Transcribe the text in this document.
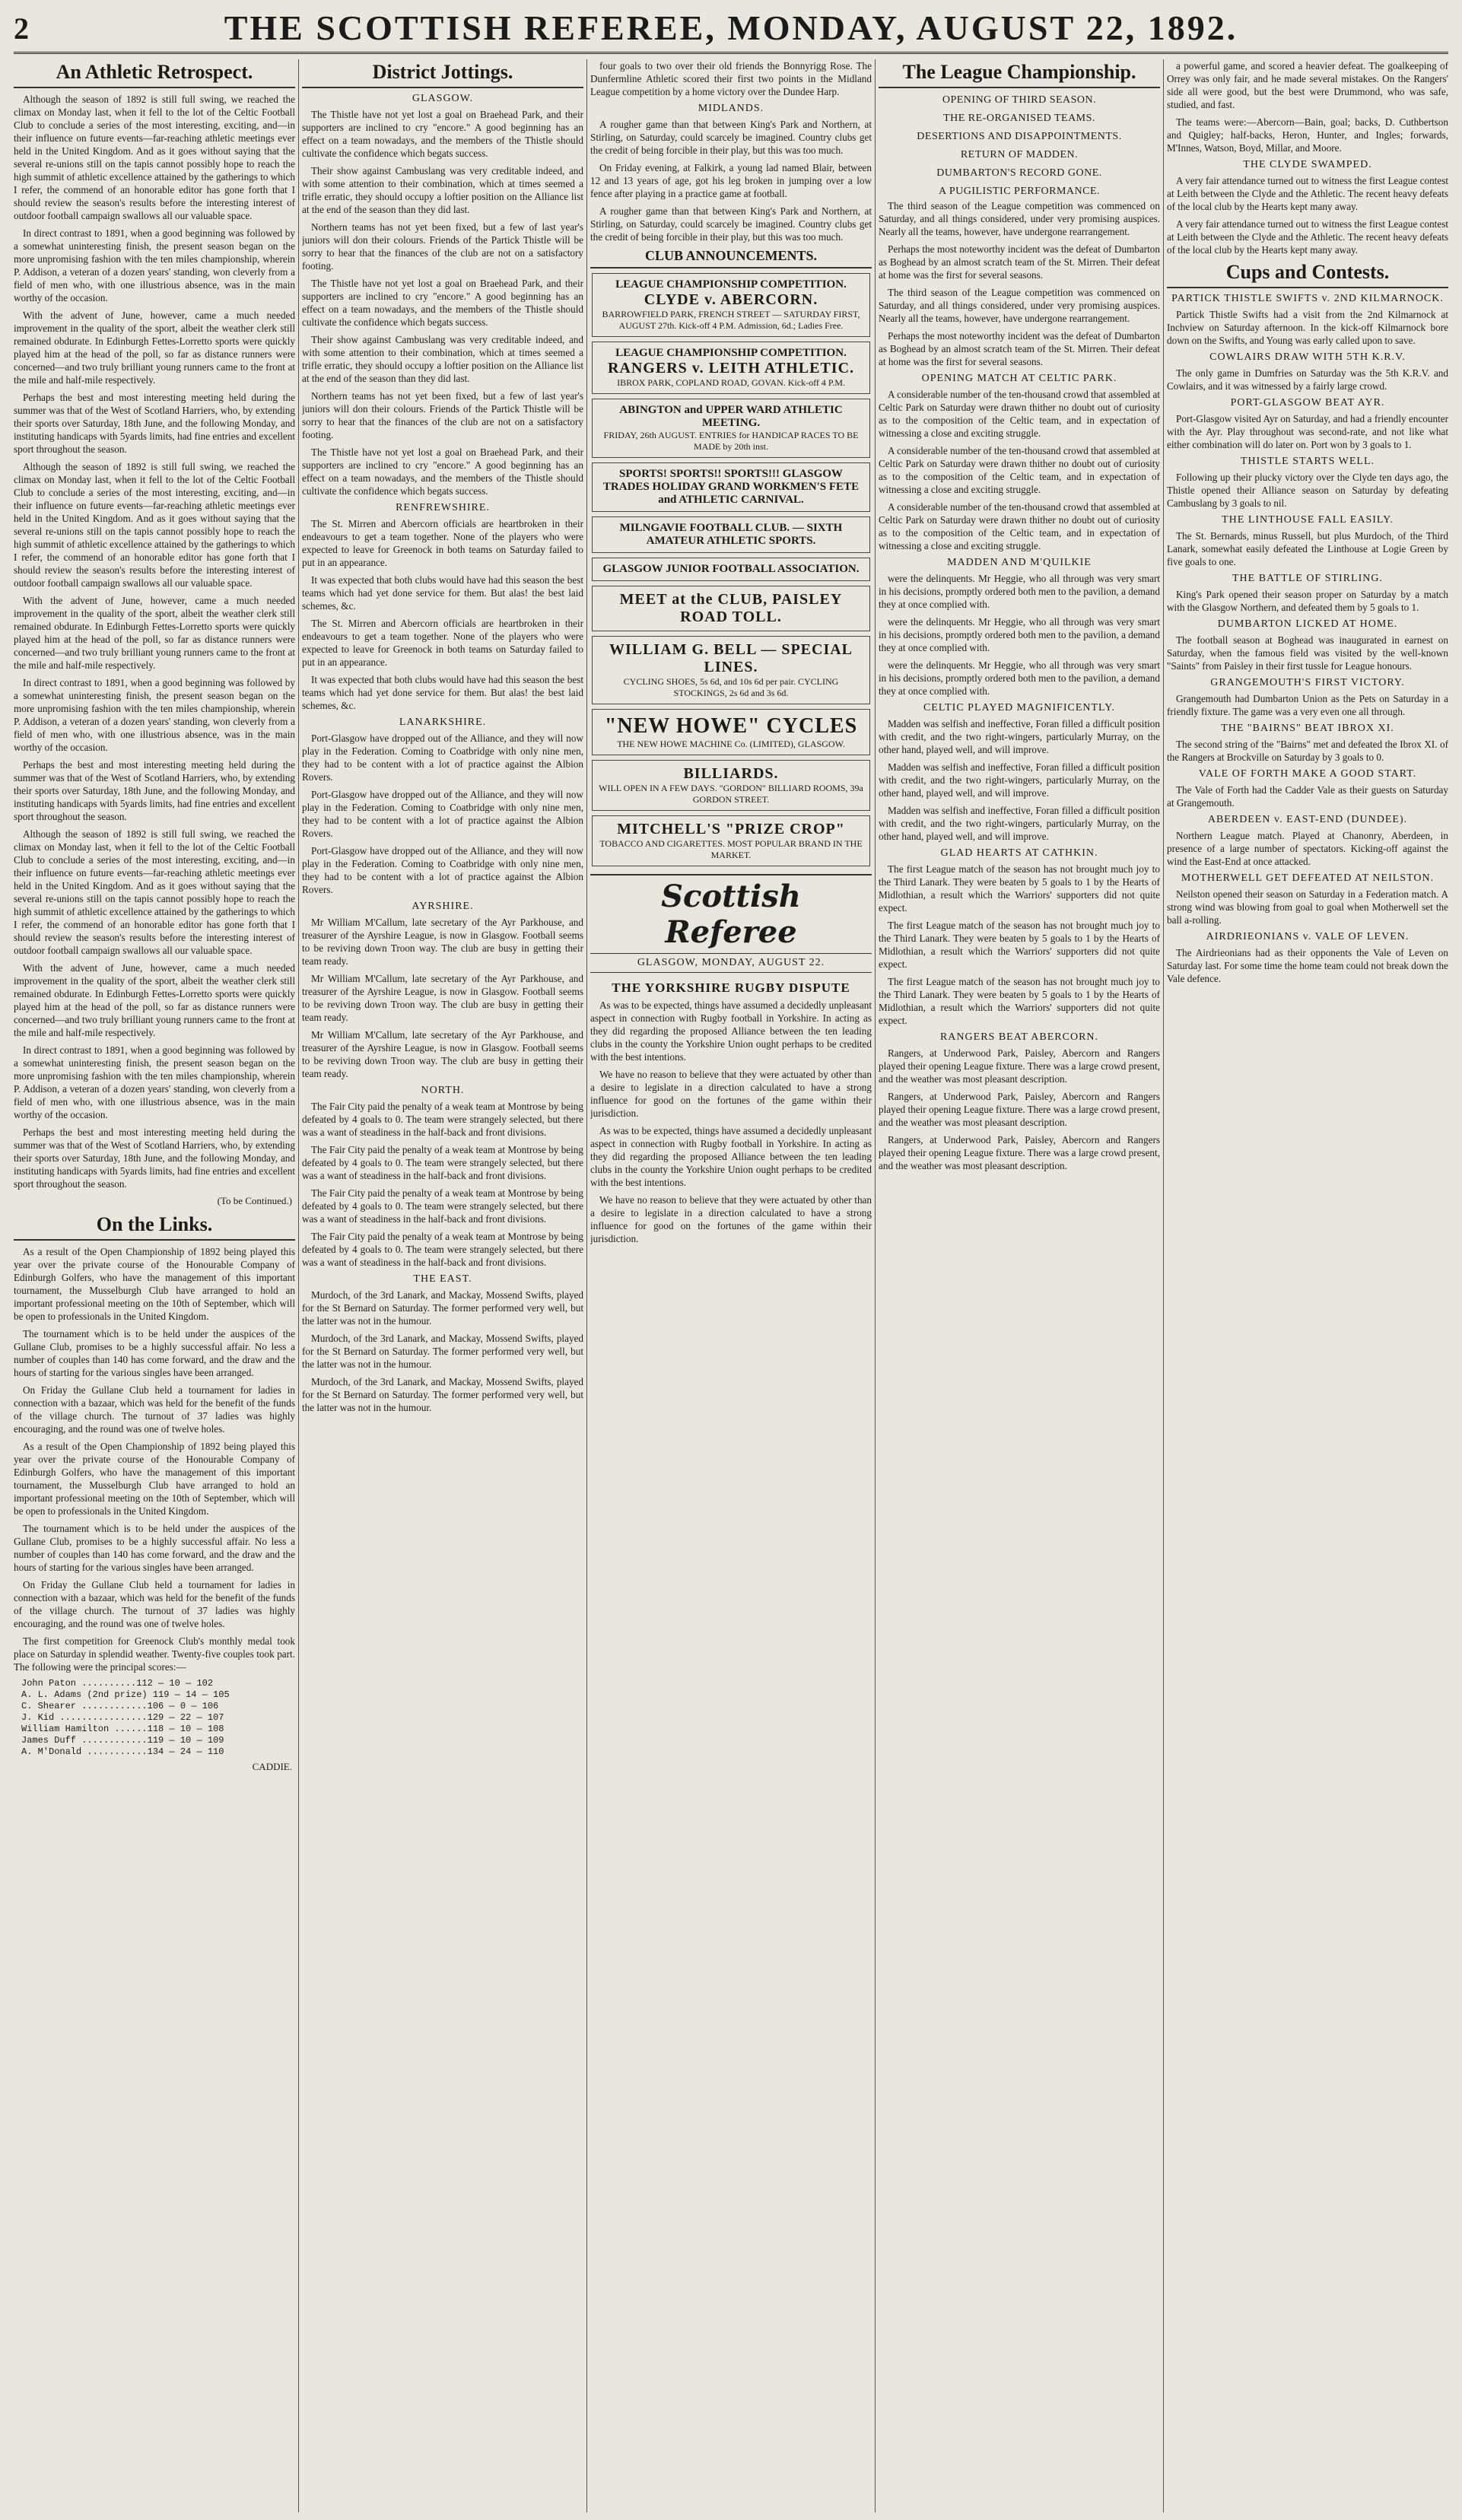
2	THE SCOTTISH REFEREE, MONDAY, AUGUST 22, 1892.
An Athletic Retrospect.

Although the season of 1892 is still full swing, we reached the climax on Monday last, when it fell to the lot of the Celtic Football Club to conclude a series of the most interesting, exciting, and—in their influence on future events—far-reaching athletic meetings ever held in the United Kingdom. And as it goes without saying that the several re-unions still on the tapis cannot possibly hope to reach the high summit of athletic excellence attained by the gatherings to which I refer, the commend of an honorable editor has gone forth that I should review the season's results before the interesting interest of outdoor football campaign swallows all our valuable space.

In direct contrast to 1891, when a good beginning was followed by a somewhat uninteresting finish, the present season began on the more unpromising fashion with the ten miles championship, wherein P. Addison, a veteran of a dozen years' standing, won cleverly from a field of men who, with one illustrious absence, was in the main worthy of the occasion.

With the advent of June, however, came a much needed improvement in the quality of the sport, albeit the weather clerk still remained obdurate. In Edinburgh Fettes-Lorretto sports were quickly played him at the head of the poll, so far as distance runners were concerned—and two truly brilliant young runners came to the front at the mile and half-mile respectively.

Perhaps the best and most interesting meeting held during the summer was that of the West of Scotland Harriers, who, by extending their sports over Saturday, 18th June, and the following Monday, and instituting handicaps with 5yards limits, had fine entries and excellent sport throughout the season.

Although the season of 1892 is still full swing, we reached the climax on Monday last, when it fell to the lot of the Celtic Football Club to conclude a series of the most interesting, exciting, and—in their influence on future events—far-reaching athletic meetings ever held in the United Kingdom. And as it goes without saying that the several re-unions still on the tapis cannot possibly hope to reach the high summit of athletic excellence attained by the gatherings to which I refer, the commend of an honorable editor has gone forth that I should review the season's results before the interesting interest of outdoor football campaign swallows all our valuable space.

With the advent of June, however, came a much needed improvement in the quality of the sport, albeit the weather clerk still remained obdurate. In Edinburgh Fettes-Lorretto sports were quickly played him at the head of the poll, so far as distance runners were concerned—and two truly brilliant young runners came to the front at the mile and half-mile respectively.

In direct contrast to 1891, when a good beginning was followed by a somewhat uninteresting finish, the present season began on the more unpromising fashion with the ten miles championship, wherein P. Addison, a veteran of a dozen years' standing, won cleverly from a field of men who, with one illustrious absence, was in the main worthy of the occasion.

Perhaps the best and most interesting meeting held during the summer was that of the West of Scotland Harriers, who, by extending their sports over Saturday, 18th June, and the following Monday, and instituting handicaps with 5yards limits, had fine entries and excellent sport throughout the season.

Although the season of 1892 is still full swing, we reached the climax on Monday last, when it fell to the lot of the Celtic Football Club to conclude a series of the most interesting, exciting, and—in their influence on future events—far-reaching athletic meetings ever held in the United Kingdom. And as it goes without saying that the several re-unions still on the tapis cannot possibly hope to reach the high summit of athletic excellence attained by the gatherings to which I refer, the commend of an honorable editor has gone forth that I should review the season's results before the interesting interest of outdoor football campaign swallows all our valuable space.

With the advent of June, however, came a much needed improvement in the quality of the sport, albeit the weather clerk still remained obdurate. In Edinburgh Fettes-Lorretto sports were quickly played him at the head of the poll, so far as distance runners were concerned—and two truly brilliant young runners came to the front at the mile and half-mile respectively.

In direct contrast to 1891, when a good beginning was followed by a somewhat uninteresting finish, the present season began on the more unpromising fashion with the ten miles championship, wherein P. Addison, a veteran of a dozen years' standing, won cleverly from a field of men who, with one illustrious absence, was in the main worthy of the occasion.

Perhaps the best and most interesting meeting held during the summer was that of the West of Scotland Harriers, who, by extending their sports over Saturday, 18th June, and the following Monday, and instituting handicaps with 5yards limits, had fine entries and excellent sport throughout the season.

(To be Continued.)
On the Links.

As a result of the Open Championship of 1892 being played this year over the private course of the Honourable Company of Edinburgh Golfers, who have the management of this important tournament, the Musselburgh Club have arranged to hold an important professional meeting on the 10th of September, which will be open to professionals in the United Kingdom.

The tournament which is to be held under the auspices of the Gullane Club, promises to be a highly successful affair. No less a number of couples than 140 has come forward, and the draw and the hours of starting for the various singles have been arranged.

On Friday the Gullane Club held a tournament for ladies in connection with a bazaar, which was held for the benefit of the funds of the village church. The turnout of 37 ladies was highly encouraging, and the round was one of twelve holes.

As a result of the Open Championship of 1892 being played this year over the private course of the Honourable Company of Edinburgh Golfers, who have the management of this important tournament, the Musselburgh Club have arranged to hold an important professional meeting on the 10th of September, which will be open to professionals in the United Kingdom.

The tournament which is to be held under the auspices of the Gullane Club, promises to be a highly successful affair. No less a number of couples than 140 has come forward, and the draw and the hours of starting for the various singles have been arranged.

On Friday the Gullane Club held a tournament for ladies in connection with a bazaar, which was held for the benefit of the funds of the village church. The turnout of 37 ladies was highly encouraging, and the round was one of twelve holes.

The first competition for Greenock Club's monthly medal took place on Saturday in splendid weather. Twenty-five couples took part. The following were the principal scores:—

John Paton ..........112 — 10 — 102
A. L. Adams (2nd prize) 119 — 14 — 105
C. Shearer ............106 — 0 — 106
J. Kid ................129 — 22 — 107
William Hamilton ......118 — 10 — 108
James Duff ............119 — 10 — 109
A. M'Donald ...........134 — 24 — 110
CADDIE.
District Jottings.
GLASGOW.

The Thistle have not yet lost a goal on Braehead Park, and their supporters are inclined to cry "encore." A good beginning has an effect on a team nowadays, and the members of the Thistle should cultivate the confidence which begats success.

Their show against Cambuslang was very creditable indeed, and with some attention to their combination, which at times seemed a trifle erratic, they should occupy a loftier position on the Alliance list at the end of the season than they did last.

Northern teams has not yet been fixed, but a few of last year's juniors will don their colours. Friends of the Partick Thistle will be sorry to hear that the finances of the club are not on a satisfactory footing.

The Thistle have not yet lost a goal on Braehead Park, and their supporters are inclined to cry "encore." A good beginning has an effect on a team nowadays, and the members of the Thistle should cultivate the confidence which begats success.

Their show against Cambuslang was very creditable indeed, and with some attention to their combination, which at times seemed a trifle erratic, they should occupy a loftier position on the Alliance list at the end of the season than they did last.

Northern teams has not yet been fixed, but a few of last year's juniors will don their colours. Friends of the Partick Thistle will be sorry to hear that the finances of the club are not on a satisfactory footing.

The Thistle have not yet lost a goal on Braehead Park, and their supporters are inclined to cry "encore." A good beginning has an effect on a team nowadays, and the members of the Thistle should cultivate the confidence which begats success.

RENFREWSHIRE.

The St. Mirren and Abercorn officials are heartbroken in their endeavours to get a team together. None of the players who were expected to leave for Greenock in both teams on Saturday failed to put in an appearance.

It was expected that both clubs would have had this season the best teams which had yet done service for them. But alas! the best laid schemes, &c.

The St. Mirren and Abercorn officials are heartbroken in their endeavours to get a team together. None of the players who were expected to leave for Greenock in both teams on Saturday failed to put in an appearance.

It was expected that both clubs would have had this season the best teams which had yet done service for them. But alas! the best laid schemes, &c.

LANARKSHIRE.

Port-Glasgow have dropped out of the Alliance, and they will now play in the Federation. Coming to Coatbridge with only nine men, they had to be content with a lot of practice against the Albion Rovers.

Port-Glasgow have dropped out of the Alliance, and they will now play in the Federation. Coming to Coatbridge with only nine men, they had to be content with a lot of practice against the Albion Rovers.

Port-Glasgow have dropped out of the Alliance, and they will now play in the Federation. Coming to Coatbridge with only nine men, they had to be content with a lot of practice against the Albion Rovers.

AYRSHIRE.

Mr William M'Callum, late secretary of the Ayr Parkhouse, and treasurer of the Ayrshire League, is now in Glasgow. Football seems to be reviving down Troon way. The club are busy in getting their team ready.

Mr William M'Callum, late secretary of the Ayr Parkhouse, and treasurer of the Ayrshire League, is now in Glasgow. Football seems to be reviving down Troon way. The club are busy in getting their team ready.

Mr William M'Callum, late secretary of the Ayr Parkhouse, and treasurer of the Ayrshire League, is now in Glasgow. Football seems to be reviving down Troon way. The club are busy in getting their team ready.

NORTH.

The Fair City paid the penalty of a weak team at Montrose by being defeated by 4 goals to 0. The team were strangely selected, but there was a want of steadiness in the half-back and front divisions.

The Fair City paid the penalty of a weak team at Montrose by being defeated by 4 goals to 0. The team were strangely selected, but there was a want of steadiness in the half-back and front divisions.

The Fair City paid the penalty of a weak team at Montrose by being defeated by 4 goals to 0. The team were strangely selected, but there was a want of steadiness in the half-back and front divisions.

The Fair City paid the penalty of a weak team at Montrose by being defeated by 4 goals to 0. The team were strangely selected, but there was a want of steadiness in the half-back and front divisions.

THE EAST.

Murdoch, of the 3rd Lanark, and Mackay, Mossend Swifts, played for the St Bernard on Saturday. The former performed very well, but the latter was not in the humour.

Murdoch, of the 3rd Lanark, and Mackay, Mossend Swifts, played for the St Bernard on Saturday. The former performed very well, but the latter was not in the humour.

Murdoch, of the 3rd Lanark, and Mackay, Mossend Swifts, played for the St Bernard on Saturday. The former performed very well, but the latter was not in the humour.

four goals to two over their old friends the Bonnyrigg Rose. The Dunfermline Athletic scored their first two points in the Midland League competition by a home victory over the Dundee Harp.

MIDLANDS.

A rougher game than that between King's Park and Northern, at Stirling, on Saturday, could scarcely be imagined. Country clubs get the credit of being forcible in their play, but this was too much.

On Friday evening, at Falkirk, a young lad named Blair, between 12 and 13 years of age, got his leg broken in jumping over a low fence after playing in a practice game at football.

A rougher game than that between King's Park and Northern, at Stirling, on Saturday, could scarcely be imagined. Country clubs get the credit of being forcible in their play, but this was too much.

CLUB ANNOUNCEMENTS.
LEAGUE CHAMPIONSHIP COMPETITION.
CLYDE v. ABERCORN.
BARROWFIELD PARK, FRENCH STREET — SATURDAY FIRST, AUGUST 27th. Kick-off 4 P.M. Admission, 6d.; Ladies Free.
LEAGUE CHAMPIONSHIP COMPETITION.
RANGERS v. LEITH ATHLETIC.
IBROX PARK, COPLAND ROAD, GOVAN. Kick-off 4 P.M.
ABINGTON and UPPER WARD ATHLETIC MEETING.
FRIDAY, 26th AUGUST. ENTRIES for HANDICAP RACES TO BE MADE by 20th inst.
SPORTS! SPORTS!! SPORTS!!! GLASGOW TRADES HOLIDAY GRAND WORKMEN'S FETE and ATHLETIC CARNIVAL.
MILNGAVIE FOOTBALL CLUB. — SIXTH AMATEUR ATHLETIC SPORTS.
GLASGOW JUNIOR FOOTBALL ASSOCIATION.
MEET at the CLUB, PAISLEY ROAD TOLL.
WILLIAM G. BELL — SPECIAL LINES.
CYCLING SHOES, 5s 6d, and 10s 6d per pair. CYCLING STOCKINGS, 2s 6d and 3s 6d.
"NEW HOWE" CYCLES
THE NEW HOWE MACHINE Co. (LIMITED), GLASGOW.
BILLIARDS.
WILL OPEN IN A FEW DAYS. "GORDON" BILLIARD ROOMS, 39a GORDON STREET.
MITCHELL'S "PRIZE CROP"
TOBACCO AND CIGARETTES. MOST POPULAR BRAND IN THE MARKET.
Scottish Referee
GLASGOW, MONDAY, AUGUST 22.
THE YORKSHIRE RUGBY DISPUTE

As was to be expected, things have assumed a decidedly unpleasant aspect in connection with Rugby football in Yorkshire. In acting as they did regarding the proposed Alliance between the ten leading clubs in the county the Yorkshire Union ought perhaps to be credited with the best intentions.

We have no reason to believe that they were actuated by other than a desire to legislate in a direction calculated to have a strong influence for good on the fortunes of the game within their jurisdiction.

As was to be expected, things have assumed a decidedly unpleasant aspect in connection with Rugby football in Yorkshire. In acting as they did regarding the proposed Alliance between the ten leading clubs in the county the Yorkshire Union ought perhaps to be credited with the best intentions.

We have no reason to believe that they were actuated by other than a desire to legislate in a direction calculated to have a strong influence for good on the fortunes of the game within their jurisdiction.

The League Championship.
OPENING OF THIRD SEASON.
THE RE-ORGANISED TEAMS.
DESERTIONS AND DISAPPOINTMENTS.
RETURN OF MADDEN.
DUMBARTON'S RECORD GONE.
A PUGILISTIC PERFORMANCE.

The third season of the League competition was commenced on Saturday, and all things considered, under very promising auspices. Nearly all the teams, however, have undergone rearrangement.

Perhaps the most noteworthy incident was the defeat of Dumbarton as Boghead by an almost scratch team of the St. Mirren. Their defeat at home was the first for several seasons.

The third season of the League competition was commenced on Saturday, and all things considered, under very promising auspices. Nearly all the teams, however, have undergone rearrangement.

Perhaps the most noteworthy incident was the defeat of Dumbarton as Boghead by an almost scratch team of the St. Mirren. Their defeat at home was the first for several seasons.

OPENING MATCH AT CELTIC PARK.

A considerable number of the ten-thousand crowd that assembled at Celtic Park on Saturday were drawn thither no doubt out of curiosity as to the composition of the Celtic team, and in expectation of witnessing a close and exciting struggle.

A considerable number of the ten-thousand crowd that assembled at Celtic Park on Saturday were drawn thither no doubt out of curiosity as to the composition of the Celtic team, and in expectation of witnessing a close and exciting struggle.

A considerable number of the ten-thousand crowd that assembled at Celtic Park on Saturday were drawn thither no doubt out of curiosity as to the composition of the Celtic team, and in expectation of witnessing a close and exciting struggle.

MADDEN AND M'QUILKIE

were the delinquents. Mr Heggie, who all through was very smart in his decisions, promptly ordered both men to the pavilion, a demand they at once complied with.

were the delinquents. Mr Heggie, who all through was very smart in his decisions, promptly ordered both men to the pavilion, a demand they at once complied with.

were the delinquents. Mr Heggie, who all through was very smart in his decisions, promptly ordered both men to the pavilion, a demand they at once complied with.

CELTIC PLAYED MAGNIFICENTLY.

Madden was selfish and ineffective, Foran filled a difficult position with credit, and the two right-wingers, particularly Murray, on the other hand, played well, and will improve.

Madden was selfish and ineffective, Foran filled a difficult position with credit, and the two right-wingers, particularly Murray, on the other hand, played well, and will improve.

Madden was selfish and ineffective, Foran filled a difficult position with credit, and the two right-wingers, particularly Murray, on the other hand, played well, and will improve.

GLAD HEARTS AT CATHKIN.

The first League match of the season has not brought much joy to the Third Lanark. They were beaten by 5 goals to 1 by the Hearts of Midlothian, a result which the Warriors' supporters did not quite expect.

The first League match of the season has not brought much joy to the Third Lanark. They were beaten by 5 goals to 1 by the Hearts of Midlothian, a result which the Warriors' supporters did not quite expect.

The first League match of the season has not brought much joy to the Third Lanark. They were beaten by 5 goals to 1 by the Hearts of Midlothian, a result which the Warriors' supporters did not quite expect.

RANGERS BEAT ABERCORN.

Rangers, at Underwood Park, Paisley, Abercorn and Rangers played their opening League fixture. There was a large crowd present, and the weather was most pleasant description.

Rangers, at Underwood Park, Paisley, Abercorn and Rangers played their opening League fixture. There was a large crowd present, and the weather was most pleasant description.

Rangers, at Underwood Park, Paisley, Abercorn and Rangers played their opening League fixture. There was a large crowd present, and the weather was most pleasant description.

a powerful game, and scored a heavier defeat. The goalkeeping of Orrey was only fair, and he made several mistakes. On the Rangers' side all were good, but the best were Drummond, who was safe, studied, and fast.

The teams were:—Abercorn—Bain, goal; backs, D. Cuthbertson and Quigley; half-backs, Heron, Hunter, and Ingles; forwards, M'Innes, Watson, Boyd, Millar, and Moore.

THE CLYDE SWAMPED.

A very fair attendance turned out to witness the first League contest at Leith between the Clyde and the Athletic. The recent heavy defeats of the local club by the Hearts kept many away.

A very fair attendance turned out to witness the first League contest at Leith between the Clyde and the Athletic. The recent heavy defeats of the local club by the Hearts kept many away.

Cups and Contests.
PARTICK THISTLE SWIFTS v. 2ND KILMARNOCK.

Partick Thistle Swifts had a visit from the 2nd Kilmarnock at Inchview on Saturday afternoon. In the kick-off Kilmarnock bore down on the Swifts, and Young was early called upon to save.

COWLAIRS DRAW WITH 5TH K.R.V.

The only game in Dumfries on Saturday was the 5th K.R.V. and Cowlairs, and it was witnessed by a fairly large crowd.

PORT-GLASGOW BEAT AYR.

Port-Glasgow visited Ayr on Saturday, and had a friendly encounter with the Ayr. Play throughout was second-rate, and not like what either combination will do later on. Port won by 3 goals to 1.

THISTLE STARTS WELL.

Following up their plucky victory over the Clyde ten days ago, the Thistle opened their Alliance season on Saturday by defeating Cambuslang by 3 goals to nil.

THE LINTHOUSE FALL EASILY.

The St. Bernards, minus Russell, but plus Murdoch, of the Third Lanark, somewhat easily defeated the Linthouse at Logie Green by five goals to one.

THE BATTLE OF STIRLING.

King's Park opened their season proper on Saturday by a match with the Glasgow Northern, and defeated them by 5 goals to 1.

DUMBARTON LICKED AT HOME.

The football season at Boghead was inaugurated in earnest on Saturday, when the famous field was visited by the well-known "Saints" from Paisley in their first tussle for League honours.

GRANGEMOUTH'S FIRST VICTORY.

Grangemouth had Dumbarton Union as the Pets on Saturday in a friendly fixture. The game was a very even one all through.

THE "BAIRNS" BEAT IBROX XI.

The second string of the "Bairns" met and defeated the Ibrox XI. of the Rangers at Brockville on Saturday by 3 goals to 0.

VALE OF FORTH MAKE A GOOD START.

The Vale of Forth had the Cadder Vale as their guests on Saturday at Grangemouth.

ABERDEEN v. EAST-END (DUNDEE).

Northern League match. Played at Chanonry, Aberdeen, in presence of a large number of spectators. Kicking-off against the wind the East-End at once attacked.

MOTHERWELL GET DEFEATED AT NEILSTON.

Neilston opened their season on Saturday in a Federation match. A strong wind was blowing from goal to goal when Motherwell set the ball a-rolling.

AIRDRIEONIANS v. VALE OF LEVEN.

The Airdrieonians had as their opponents the Vale of Leven on Saturday last. For some time the home team could not break down the Vale defence.
